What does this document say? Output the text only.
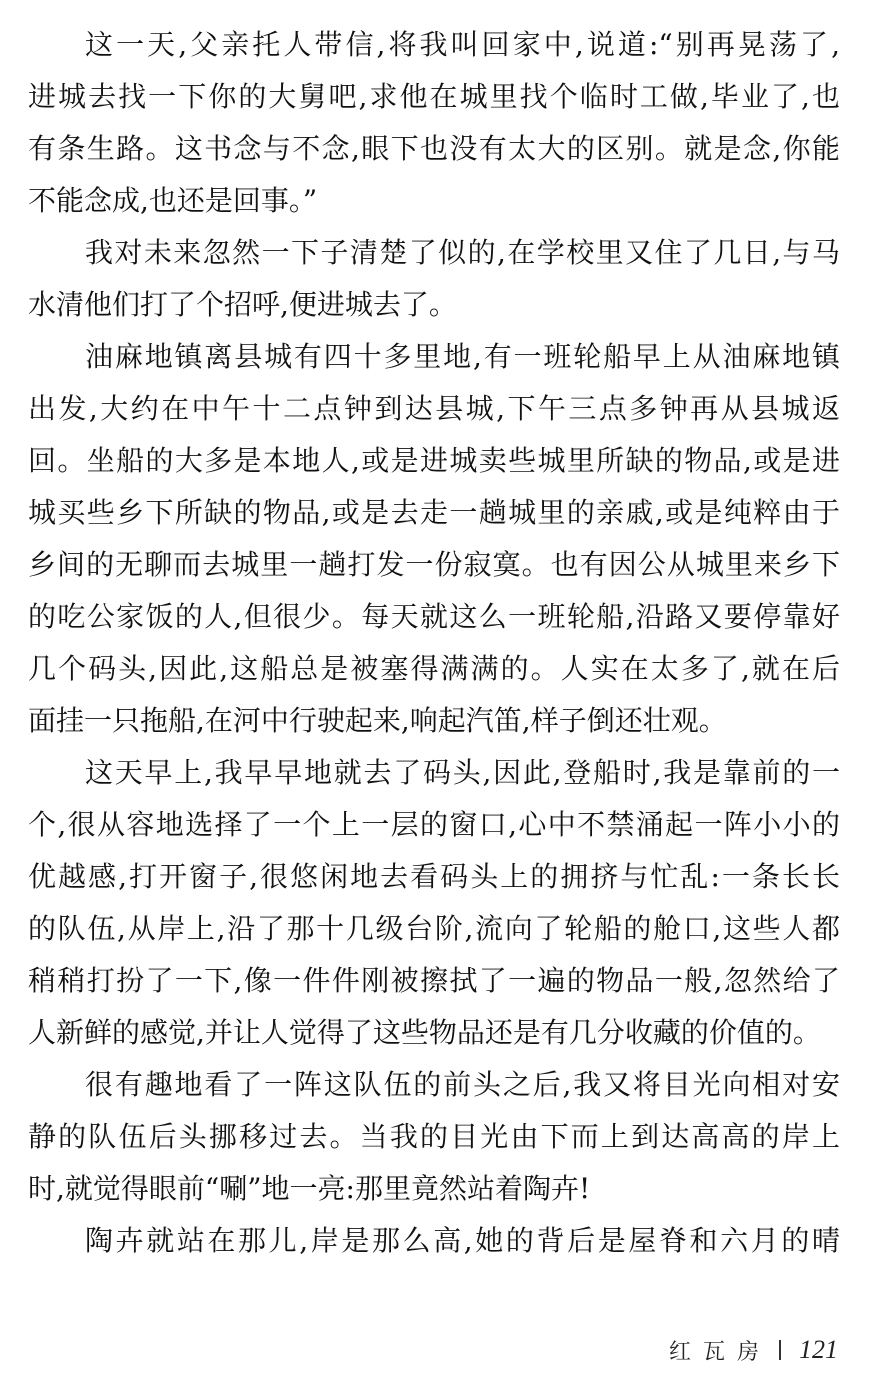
这一天,父亲托人带信,将我叫回家中,说道:“别再晃荡了,
进城去找一下你的大舅吧,求他在城里找个临时工做,毕业了,也
有条生路。这书念与不念,眼下也没有太大的区别。就是念,你能
不能念成,也还是回事。”
我对未来忽然一下子清楚了似的,在学校里又住了几日,与马
水清他们打了个招呼,便进城去了。
油麻地镇离县城有四十多里地,有一班轮船早上从油麻地镇
出发,大约在中午十二点钟到达县城,下午三点多钟再从县城返
回。坐船的大多是本地人,或是进城卖些城里所缺的物品,或是进
城买些乡下所缺的物品,或是去走一趟城里的亲戚,或是纯粹由于
乡间的无聊而去城里一趟打发一份寂寞。也有因公从城里来乡下
的吃公家饭的人,但很少。每天就这么一班轮船,沿路又要停靠好
几个码头,因此,这船总是被塞得满满的。人实在太多了,就在后
面挂一只拖船,在河中行驶起来,响起汽笛,样子倒还壮观。
这天早上,我早早地就去了码头,因此,登船时,我是靠前的一
个,很从容地选择了一个上一层的窗口,心中不禁涌起一阵小小的
优越感,打开窗子,很悠闲地去看码头上的拥挤与忙乱:一条长长
的队伍,从岸上,沿了那十几级台阶,流向了轮船的舱口,这些人都
稍稍打扮了一下,像一件件刚被擦拭了一遍的物品一般,忽然给了
人新鲜的感觉,并让人觉得了这些物品还是有几分收藏的价值的。
很有趣地看了一阵这队伍的前头之后,我又将目光向相对安
静的队伍后头挪移过去。当我的目光由下而上到达高高的岸上
时,就觉得眼前“唰”地一亮:那里竟然站着陶卉!
陶卉就站在那儿,岸是那么高,她的背后是屋脊和六月的晴
红瓦房 121
